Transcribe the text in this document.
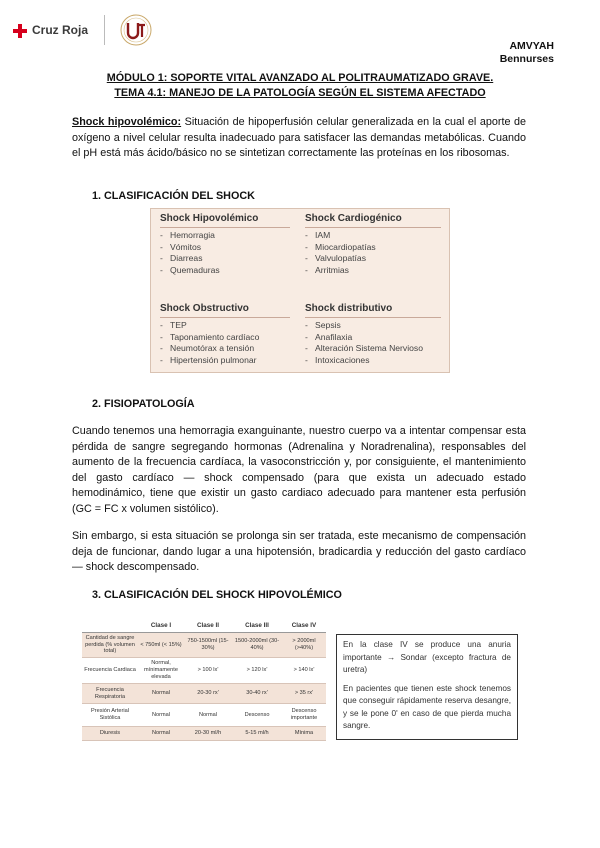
Cruz Roja
AMVYAH
Bennurses
MÓDULO 1: SOPORTE VITAL AVANZADO AL POLITRAUMATIZADO GRAVE.
TEMA 4.1: MANEJO DE LA PATOLOGÍA SEGÚN EL SISTEMA AFECTADO
Shock hipovolémico: Situación de hipoperfusión celular generalizada en la cual el aporte de oxígeno a nivel celular resulta inadecuado para satisfacer las demandas metabólicas. Cuando el pH está más ácido/básico no se sintetizan correctamente las proteínas en los ribosomas.
1. CLASIFICACIÓN DEL SHOCK
Shock Hipovolémico
-   Hemorragia
-   Vómitos
-   Diarreas
-   Quemaduras
Shock Cardiogénico
-   IAM
-   Miocardiopatías
-   Valvulopatías
-   Arritmias
Shock Obstructivo
-   TEP
-   Taponamiento cardíaco
-   Neumotórax a tensión
-   Hipertensión pulmonar
Shock distributivo
-   Sepsis
-   Anafilaxia
-   Alteración Sistema Nervioso
-   Intoxicaciones
2. FISIOPATOLOGÍA
Cuando tenemos una hemorragia exanguinante, nuestro cuerpo va a intentar compensar esta pérdida de sangre segregando hormonas (Adrenalina y Noradrenalina), responsables del aumento de la frecuencia cardíaca, la vasoconstricción y, por consiguiente, el mantenimiento del gasto cardíaco — shock compensado (para que exista un adecuado estado hemodinámico, tiene que existir un gasto cardiaco adecuado para mantener esta perfusión (GC = FC x volumen sistólico).
Sin embargo, si esta situación se prolonga sin ser tratada, este mecanismo de compensación deja de funcionar, dando lugar a una hipotensión, bradicardia y reducción del gasto cardíaco — shock descompensado.
3. CLASIFICACIÓN DEL SHOCK HIPOVOLÉMICO
	Clase I	Clase II	Clase III	Clase IV
Cantidad de sangre perdida (% volumen total)	< 750ml (< 15%)	750-1500ml (15-30%)	1500-2000ml (30-40%)	> 2000ml (>40%)
Frecuencia Cardiaca	Normal, mínimamente elevada	> 100 lx'	> 120 lx'	> 140 lx'
Frecuencia Respiratoria	Normal	20-30 rx'	30-40 rx'	> 35 rx'
Presión Arterial Sistólica	Normal	Normal	Descenso	Descenso importante
Diuresis	Normal	20-30 ml/h	5-15 ml/h	Mínima

En la clase IV se produce una anuria importante → Sondar (excepto fractura de uretra)

En pacientes que tienen este shock tenemos que conseguir rápidamente reserva desangre, y se le pone 0' en caso de que pierda mucha sangre.
